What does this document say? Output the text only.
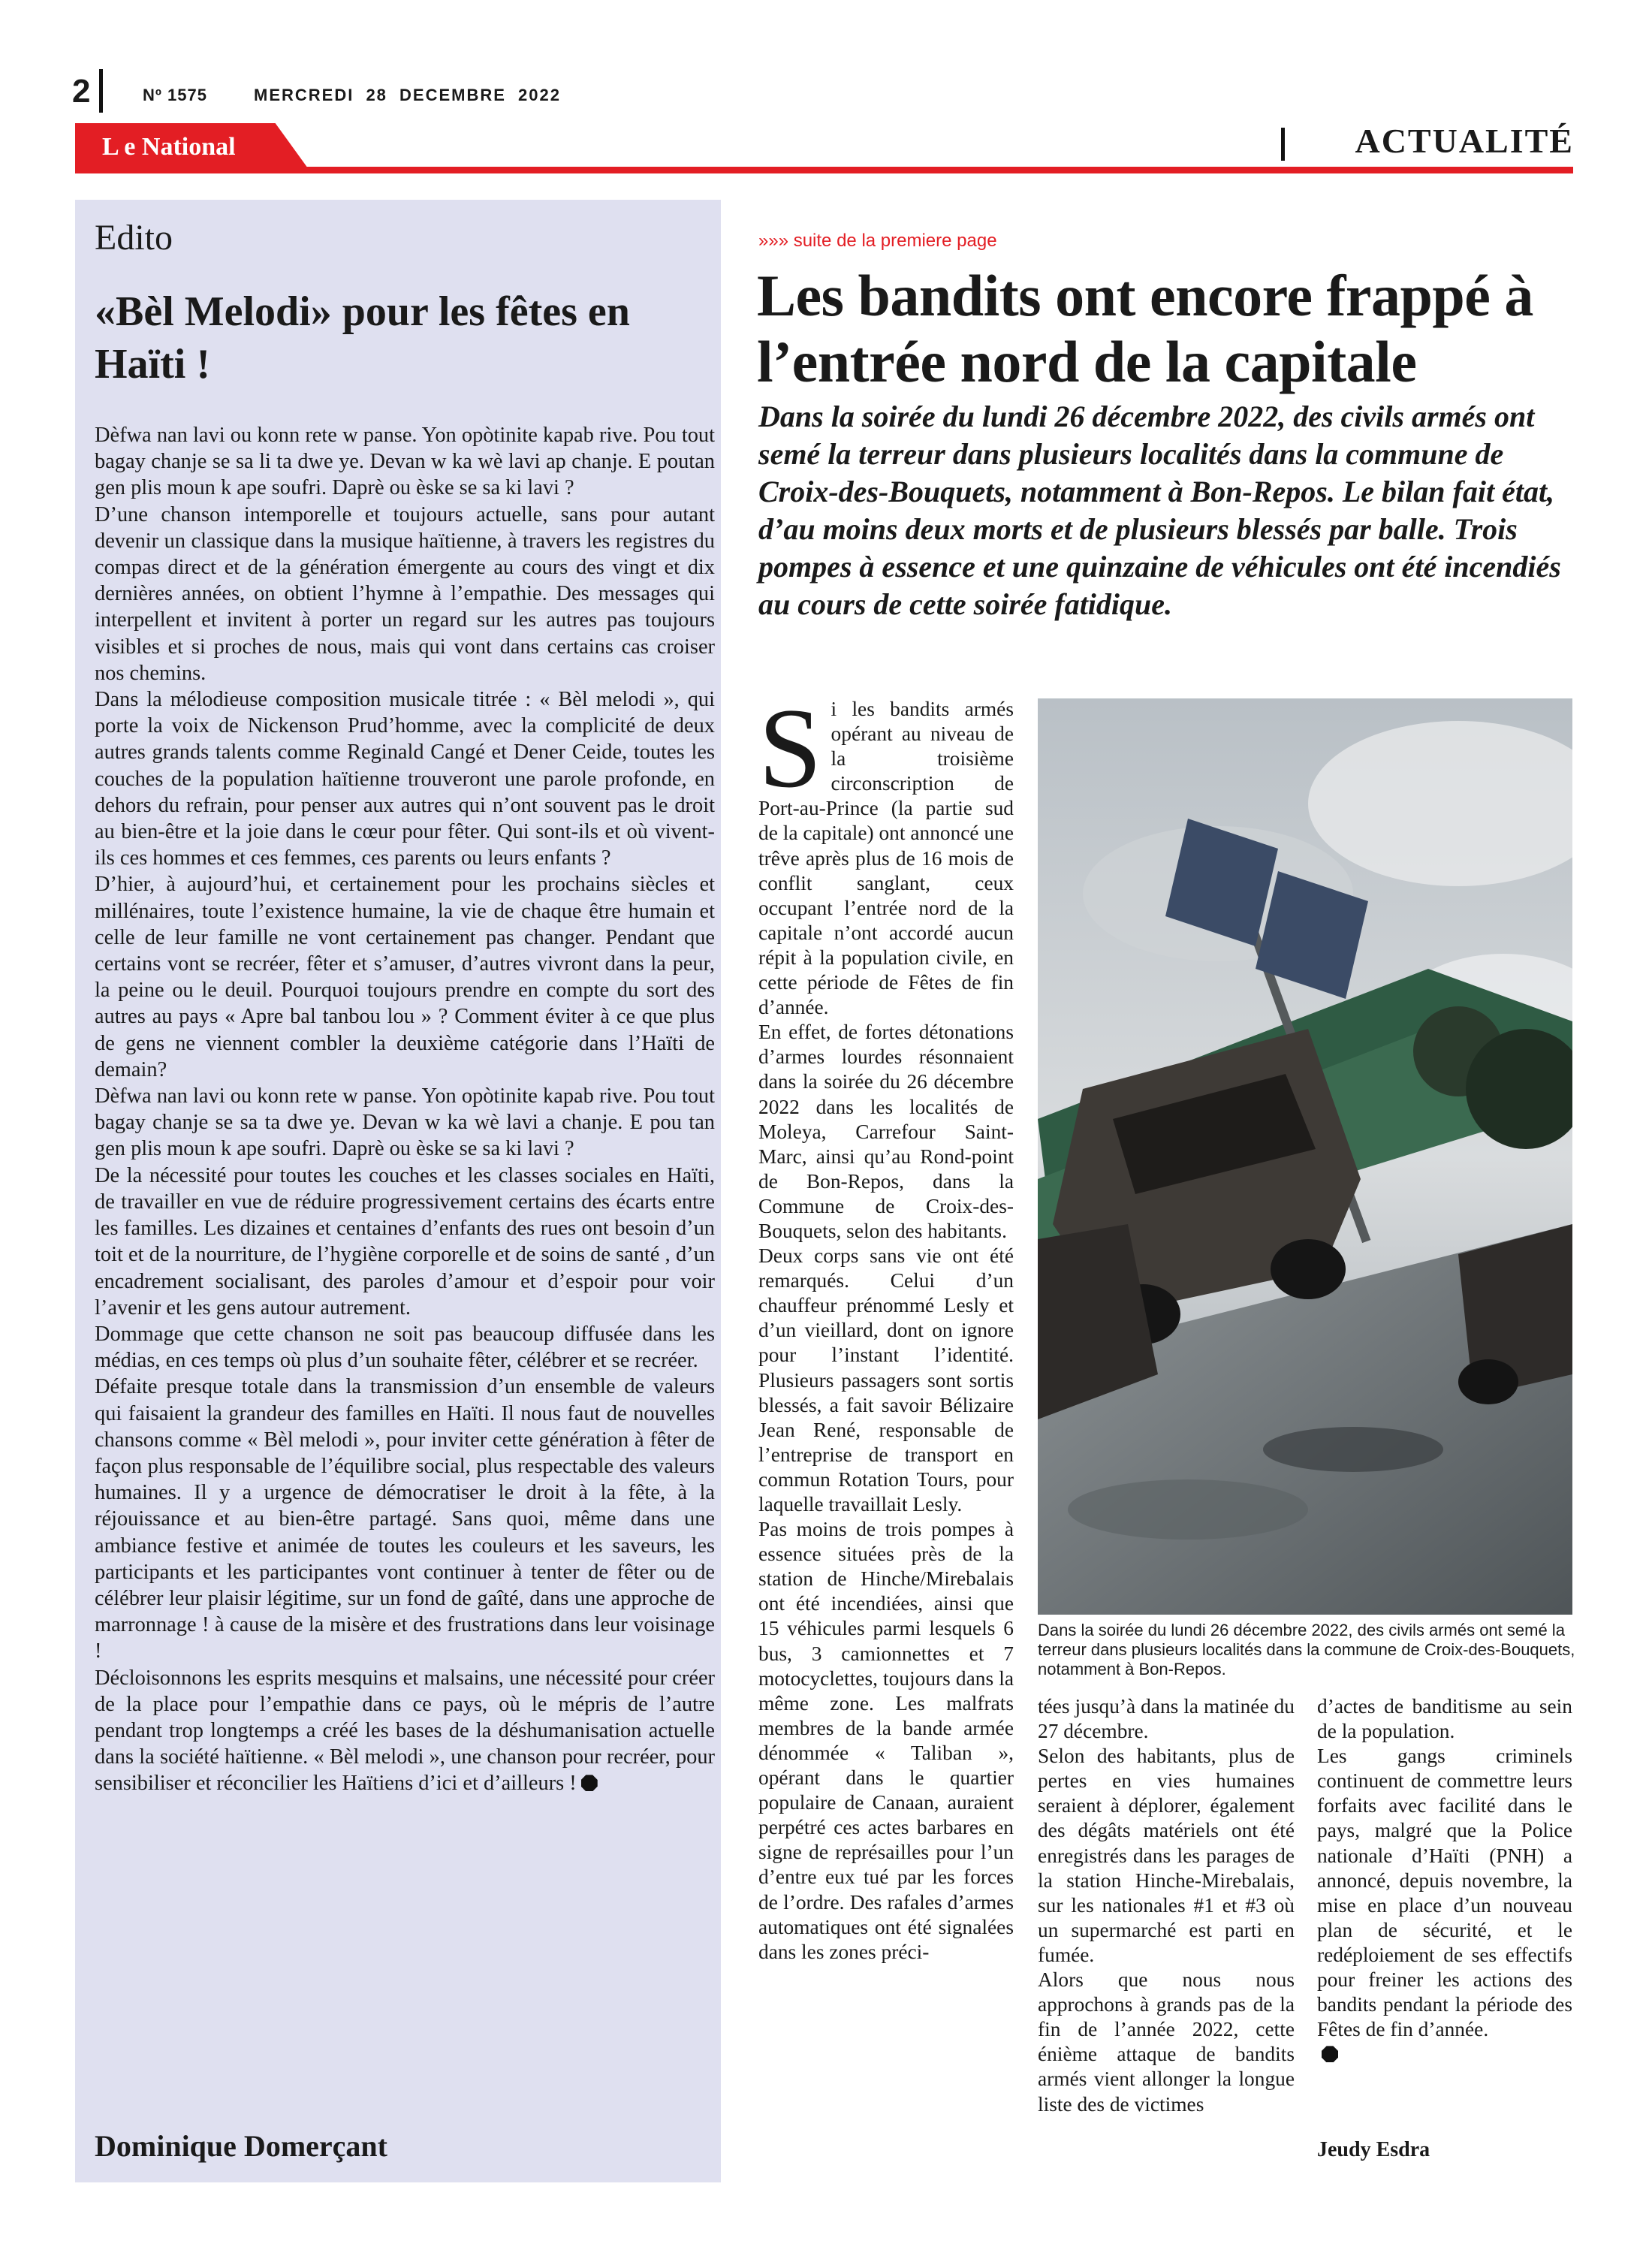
2	Nº 1575	MERCREDI 28 DECEMBRE 2022
L e National	ACTUALITÉ
Edito
«Bèl Melodi» pour les fêtes en Haïti !

Dèfwa nan lavi ou konn rete w panse. Yon opòtinite kapab rive. Pou tout bagay chanje se sa li ta dwe ye. Devan w ka wè lavi ap chanje. E poutan gen plis moun k ape soufri. Daprè ou èske se sa ki lavi ?

D’une chanson intemporelle et toujours actuelle, sans pour autant devenir un classique dans la musique haïtienne, à travers les registres du compas direct et de la génération émergente au cours des vingt et dix dernières années, on obtient l’hymne à l’empathie. Des messages qui interpellent et invitent à porter un regard sur les autres pas toujours visibles et si proches de nous, mais qui vont dans certains cas croiser nos chemins.

Dans la mélodieuse composition musicale titrée : « Bèl melodi », qui porte la voix de Nickenson Prud’homme, avec la complicité de deux autres grands talents comme Reginald Cangé et Dener Ceide, toutes les couches de la population haïtienne trouveront une parole profonde, en dehors du refrain, pour penser aux autres qui n’ont souvent pas le droit au bien-être et la joie dans le cœur pour fêter. Qui sont-ils et où vivent-ils ces hommes et ces femmes, ces parents ou leurs enfants ?

D’hier, à aujourd’hui, et certainement pour les prochains siècles et millénaires, toute l’existence humaine, la vie de chaque être humain et celle de leur famille ne vont certainement pas changer. Pendant que certains vont se recréer, fêter et s’amuser, d’autres vivront dans la peur, la peine ou le deuil. Pourquoi toujours prendre en compte du sort des autres au pays « Apre bal tanbou lou » ? Comment éviter à ce que plus de gens ne viennent combler la deuxième catégorie dans l’Haïti de demain?

Dèfwa nan lavi ou konn rete w panse. Yon opòtinite kapab rive. Pou tout bagay chanje se sa ta dwe ye. Devan w ka wè lavi a chanje. E pou tan gen plis moun k ape soufri. Daprè ou èske se sa ki lavi ?

De la nécessité pour toutes les couches et les classes sociales en Haïti, de travailler en vue de réduire progressivement certains des écarts entre les familles. Les dizaines et centaines d’enfants des rues ont besoin d’un toit et de la nourriture, de l’hygiène corporelle et de soins de santé , d’un encadrement socialisant, des paroles d’amour et d’espoir pour voir l’avenir et les gens autour autrement.

Dommage que cette chanson ne soit pas beaucoup diffusée dans les médias, en ces temps où plus d’un souhaite fêter, célébrer et se recréer.

Défaite presque totale dans la transmission d’un ensemble de valeurs qui faisaient la grandeur des familles en Haïti. Il nous faut de nouvelles chansons comme « Bèl melodi », pour inviter cette génération à fêter de façon plus responsable de l’équilibre social, plus respectable des valeurs humaines. Il y a urgence de démocratiser le droit à la fête, à la réjouissance et au bien-être partagé. Sans quoi, même dans une ambiance festive et animée de toutes les couleurs et les saveurs, les participants et les participantes vont continuer à tenter de fêter ou de célébrer leur plaisir légitime, sur un fond de gaîté, dans une approche de marronnage ! à cause de la misère et des frustrations dans leur voisinage !

Décloisonnons les esprits mesquins et malsains, une nécessité pour créer de la place pour l’empathie dans ce pays, où le mépris de l’autre pendant trop longtemps a créé les bases de la déshumanisation actuelle dans la société haïtienne. « Bèl melodi », une chanson pour recréer, pour sensibiliser et réconcilier les Haïtiens d’ici et d’ailleurs !

Dominique Domerçant
»»» suite de la premiere page
Les bandits ont encore frappé à l’entrée nord de la capitale
Dans la soirée du lundi 26 décembre 2022, des civils armés ont semé la terreur dans plusieurs localités dans la commune de Croix-des-Bouquets, notamment à Bon-Repos. Le bilan fait état, d’au moins deux morts et de plusieurs blessés par balle. Trois pompes à essence et une quinzaine de véhicules ont été incendiés au cours de cette soirée fatidique.
S i les bandits armés opérant au niveau de la troisième circonscription de Port-au-Prince (la partie sud de la capitale) ont annoncé une trêve après plus de 16 mois de conflit sanglant, ceux occupant l’entrée nord de la capitale n’ont accordé aucun répit à la population civile, en cette période de Fêtes de fin d’année.

En effet, de fortes détonations d’armes lourdes résonnaient dans la soirée du 26 décembre 2022 dans les localités de Moleya, Carrefour Saint-Marc, ainsi qu’au Rond-point de Bon-Repos, dans la Commune de Croix-des-Bouquets, selon des habitants.

Deux corps sans vie ont été remarqués. Celui d’un chauffeur prénommé Lesly et d’un vieillard, dont on ignore pour l’instant l’identité. Plusieurs passagers sont sortis blessés, a fait savoir Bélizaire Jean René, responsable de l’entreprise de transport en commun Rotation Tours, pour laquelle travaillait Lesly.

Pas moins de trois pompes à essence situées près de la station de Hinche/Mirebalais ont été incendiées, ainsi que 15 véhicules parmi lesquels 6 bus, 3 camionnettes et 7 motocyclettes, toujours dans la même zone. Les malfrats membres de la bande armée dénommée « Taliban », opérant dans le quartier populaire de Canaan, auraient perpétré ces actes barbares en signe de représailles pour l’un d’entre eux tué par les forces de l’ordre. Des rafales d’armes automatiques ont été signalées dans les zones préci-

Dans la soirée du lundi 26 décembre 2022, des civils armés ont semé la terreur dans plusieurs localités dans la commune de Croix-des-Bouquets, notamment à Bon-Repos.

tées jusqu’à dans la matinée du 27 décembre.

Selon des habitants, plus de pertes en vies humaines seraient à déplorer, également des dégâts matériels ont été enregistrés dans les parages de la station Hinche-Mirebalais, sur les nationales #1 et #3 où un supermarché est parti en fumée.

Alors que nous nous approchons à grands pas de la fin de l’année 2022, cette énième attaque de bandits armés vient allonger la longue liste des de victimes

d’actes de banditisme au sein de la population.

Les gangs criminels continuent de commettre leurs forfaits avec facilité dans le pays, malgré que la Police nationale d’Haïti (PNH) a annoncé, depuis novembre, la mise en place d’un nouveau plan de sécurité, et le redéploiement de ses effectifs pour freiner les actions des bandits pendant la période des Fêtes de fin d’année.

Jeudy Esdra
